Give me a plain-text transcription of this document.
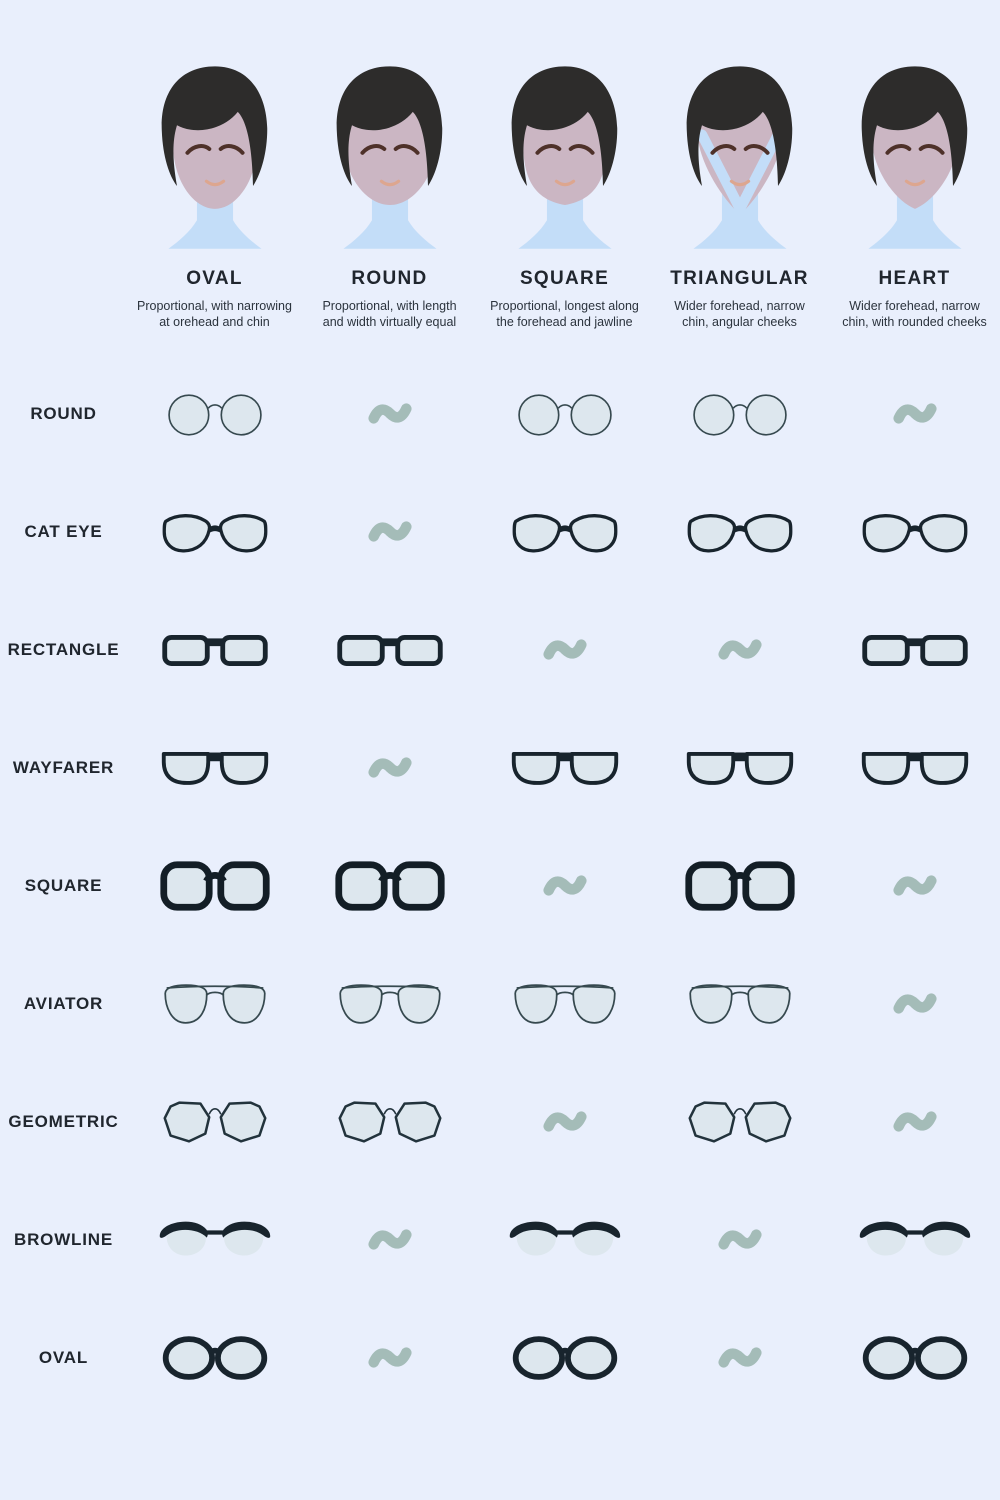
OVAL
Proportional, with narrowing at orehead and chin
ROUND
Proportional, with length and width virtually equal
SQUARE
Proportional, longest along the forehead and jawline
TRIANGULAR
Wider forehead, narrow chin, angular cheeks
HEART
Wider forehead, narrow chin, with rounded cheeks
ROUND
CAT EYE
RECTANGLE
WAYFARER
SQUARE
AVIATOR
GEOMETRIC
BROWLINE
OVAL
